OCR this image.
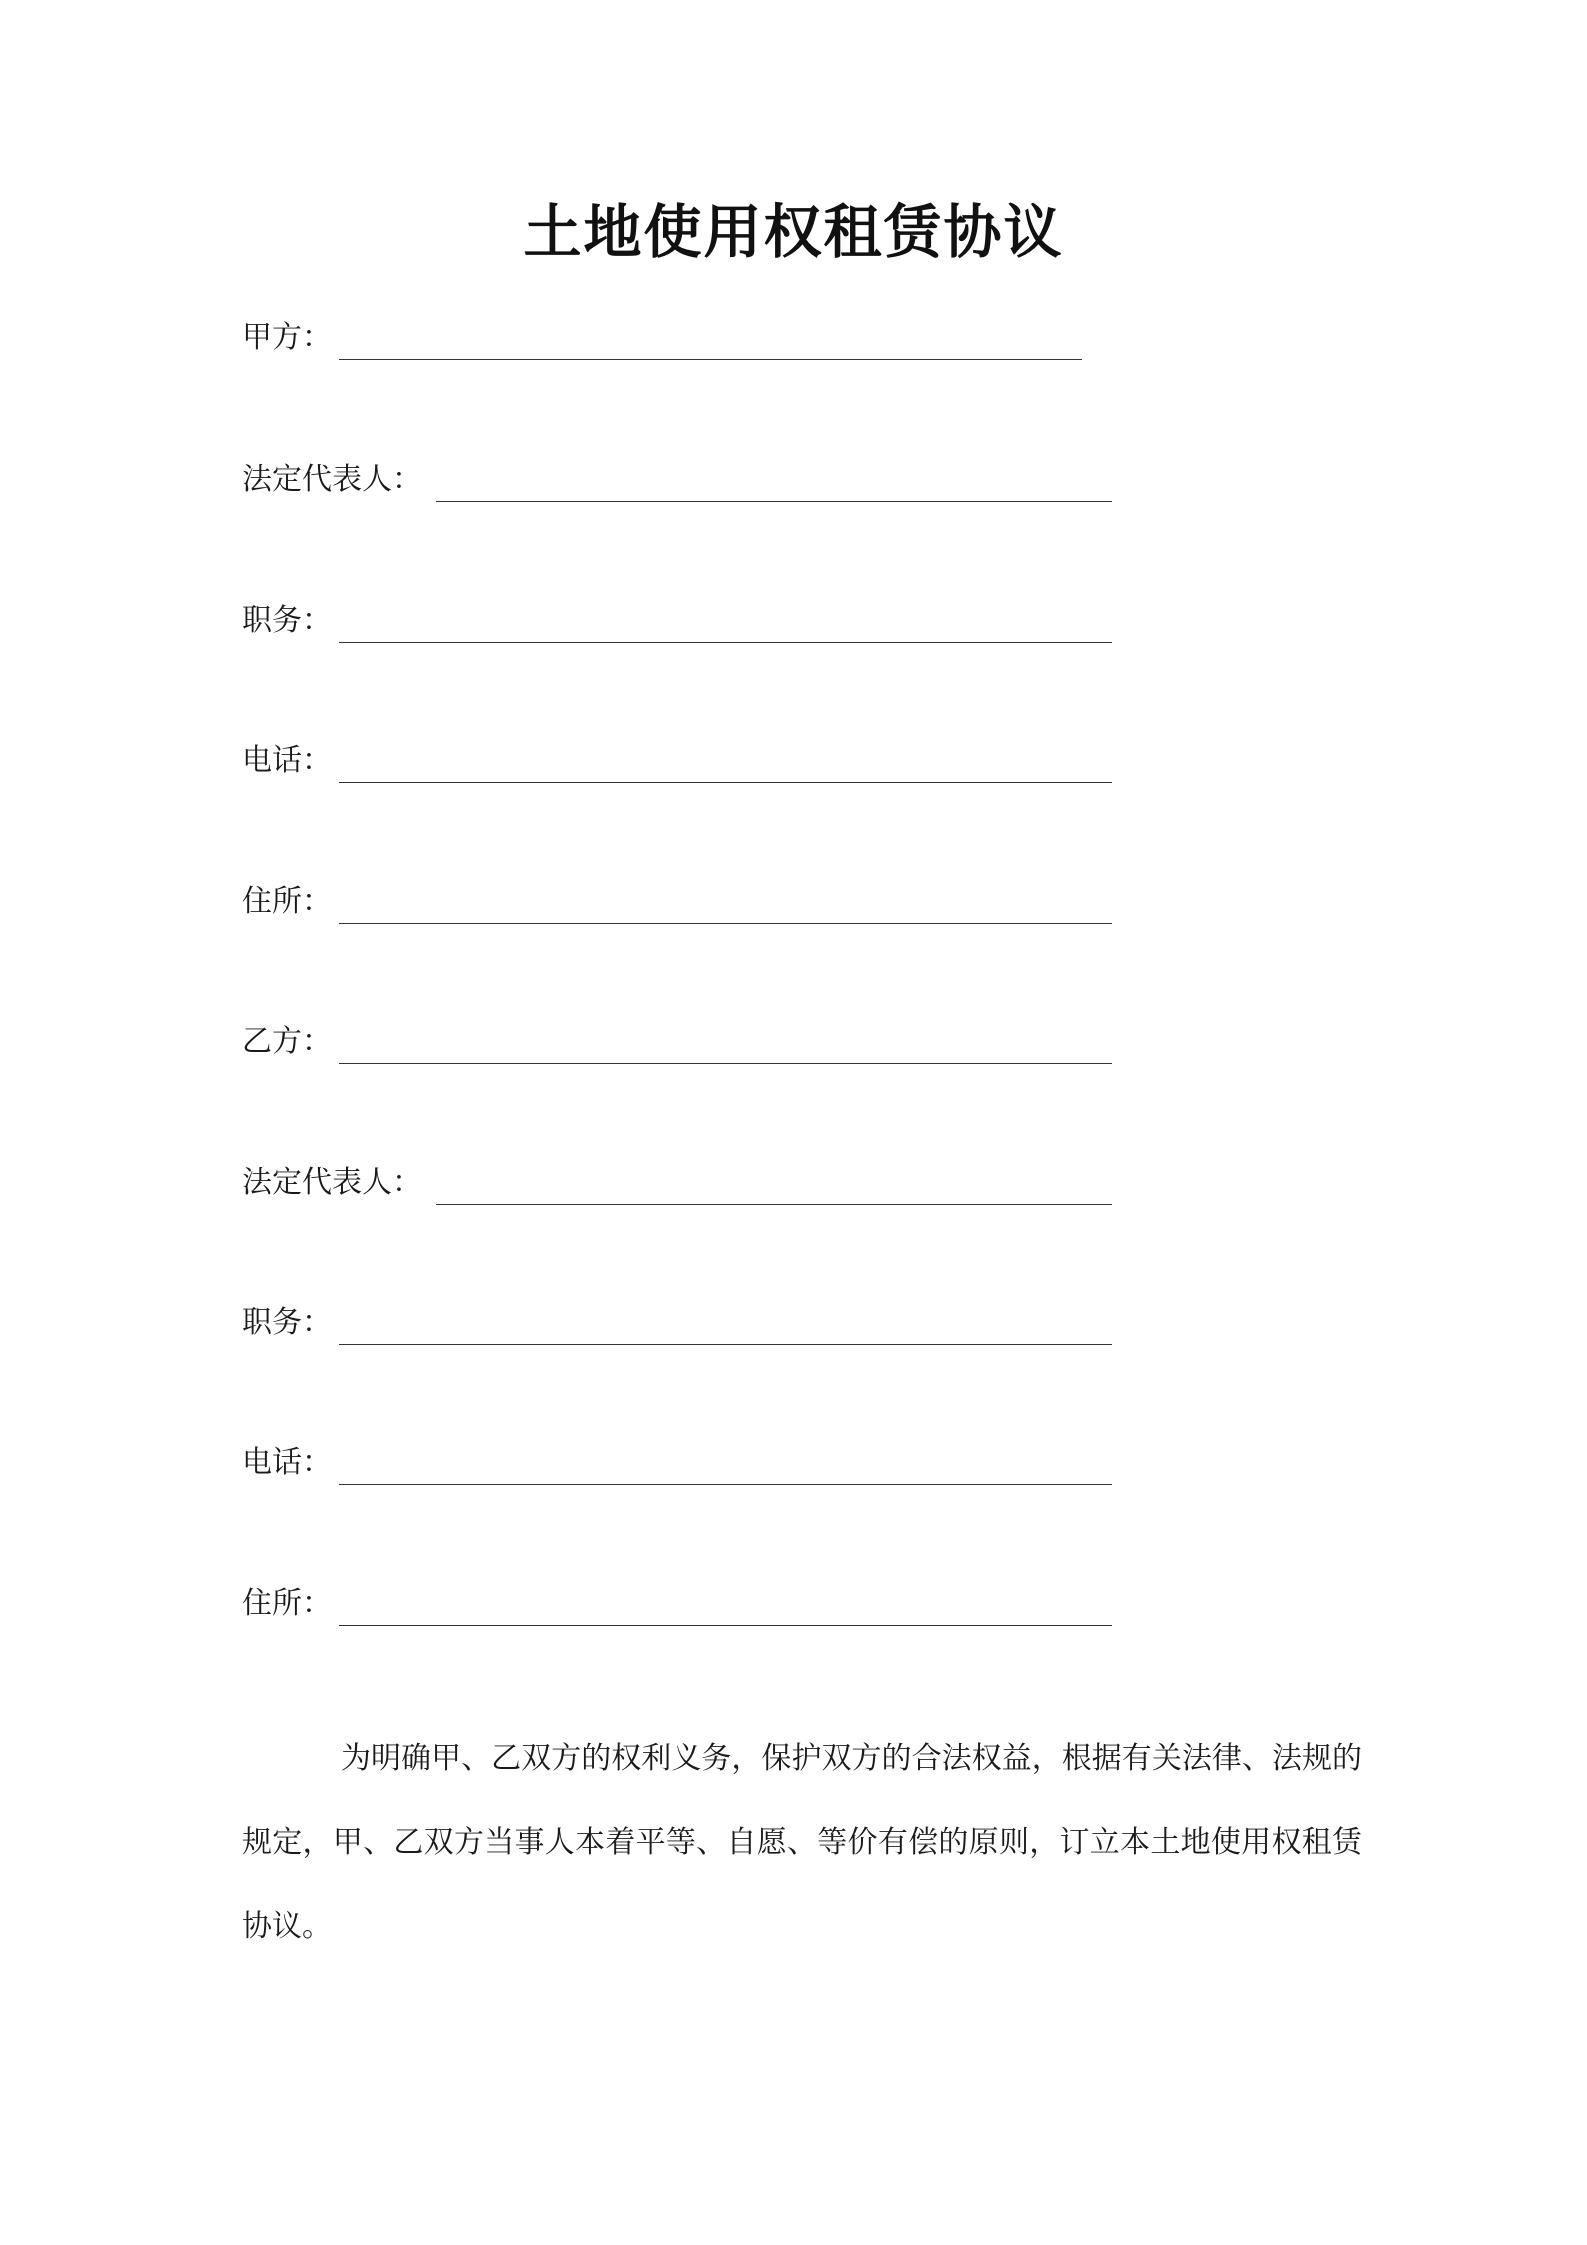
土地使用权租赁协议
甲方：
法定代表人：
职务：
电话：
住所：
乙方：
法定代表人：
职务：
电话：
住所：

为明确甲、乙双方的权利义务，保护双方的合法权益，根据有关法律、法规的规定，甲、乙双方当事人本着平等、自愿、等价有偿的原则，订立本土地使用权租赁协议。
